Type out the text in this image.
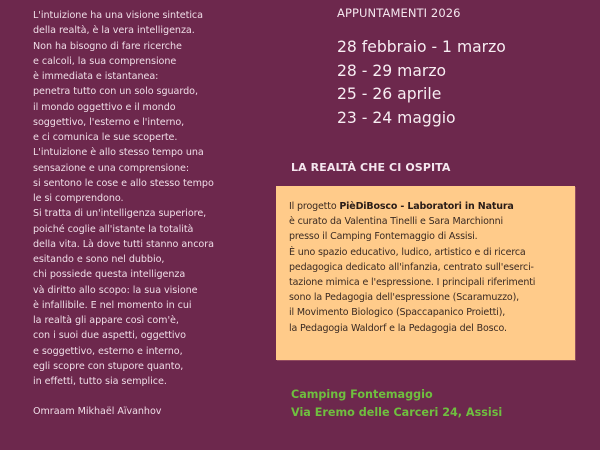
L'intuizione ha una visione sintetica
della realtà, è la vera intelligenza.
Non ha bisogno di fare ricerche
e calcoli, la sua comprensione
è immediata e istantanea:
penetra tutto con un solo sguardo,
il mondo oggettivo e il mondo
soggettivo, l'esterno e l'interno,
e ci comunica le sue scoperte.
L'intuizione è allo stesso tempo una
sensazione e una comprensione:
si sentono le cose e allo stesso tempo
le si comprendono.
Si tratta di un'intelligenza superiore,
poiché coglie all'istante la totalità
della vita. Là dove tutti stanno ancora
esitando e sono nel dubbio,
chi possiede questa intelligenza
và diritto allo scopo: la sua visione
è infallibile. E nel momento in cui
la realtà gli appare così com'è,
con i suoi due aspetti, oggettivo
e soggettivo, esterno e interno,
egli scopre con stupore quanto,
in effetti, tutto sia semplice.
Omraam Mikhaël Aïvanhov
APPUNTAMENTI 2026
28 febbraio - 1 marzo
28 - 29 marzo
25 - 26 aprile
23 - 24 maggio
LA REALTÀ CHE CI OSPITA
Il progetto PièDiBosco - Laboratori in Natura
è curato da Valentina Tinelli e Sara Marchionni
presso il Camping Fontemaggio di Assisi.
È uno spazio educativo, ludico, artistico e di ricerca
pedagogica dedicato all'infanzia, centrato sull'eserci-
tazione mimica e l'espressione. I principali riferimenti
sono la Pedagogia dell'espressione (Scaramuzzo),
il Movimento Biologico (Spaccapanico Proietti),
la Pedagogia Waldorf e la Pedagogia del Bosco.
Camping Fontemaggio
Via Eremo delle Carceri 24, Assisi
